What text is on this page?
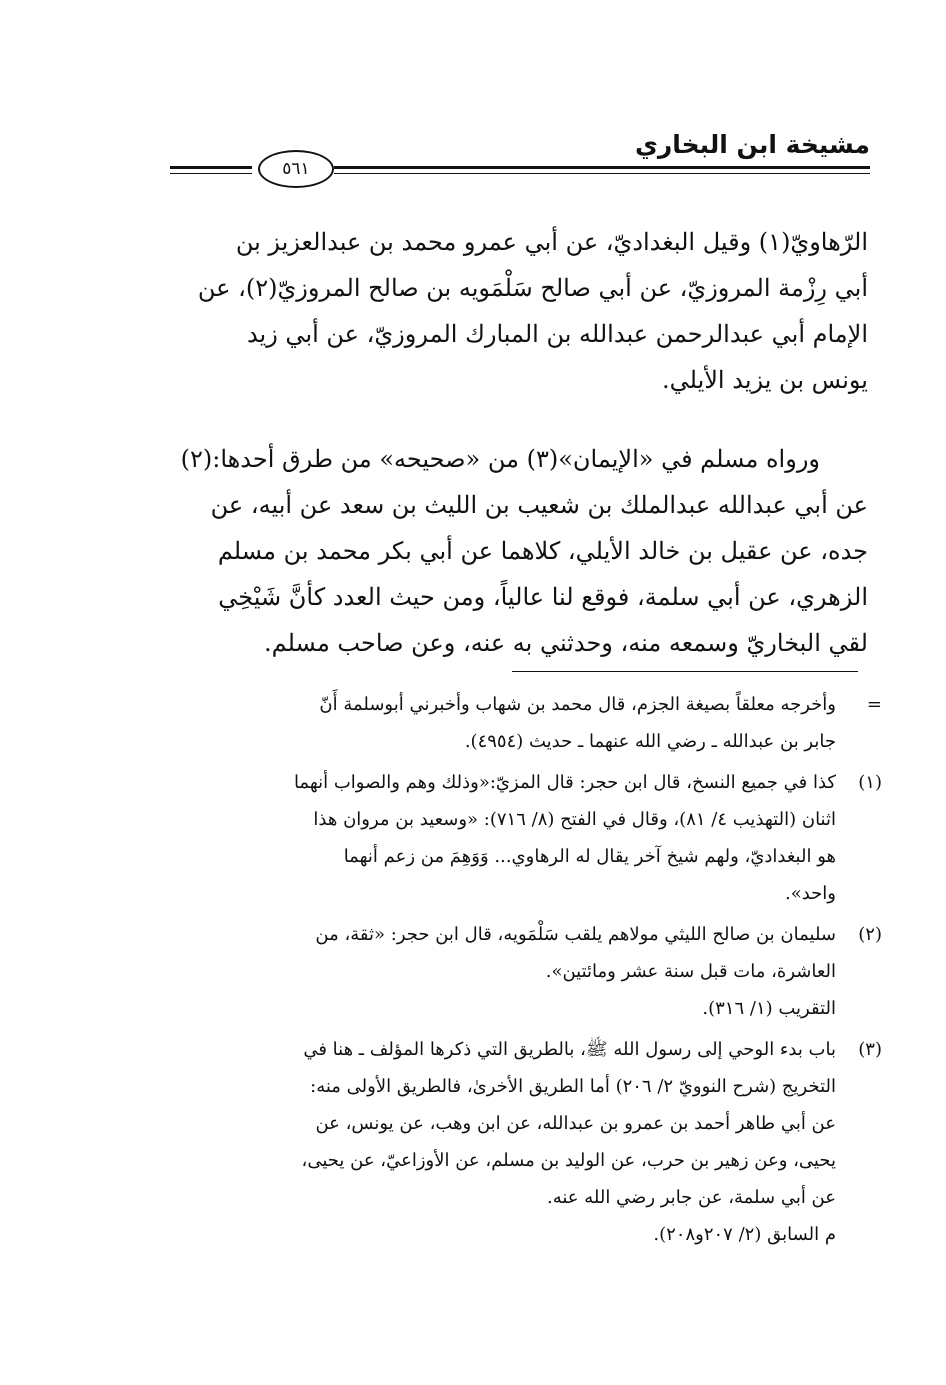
مشيخة ابن البخاري
٥٦١

الرّهاويّ(١) وقيل البغداديّ، عن أبي عمرو محمد بن عبدالعزيز بن

أبي رِزْمة المروزيّ، عن أبي صالح سَلْمَويه بن صالح المروزيّ(٢)، عن

الإمام أبي عبدالرحمن عبدالله بن المبارك المروزيّ، عن أبي زيد

يونس بن يزيد الأيلي.

ورواه مسلم في «الإيمان»(٣) من «صحيحه» من طرق أحدها:(٢)

عن أبي عبدالله عبدالملك بن شعيب بن الليث بن سعد عن أبيه، عن

جده، عن عقيل بن خالد الأيلي، كلاهما عن أبي بكر محمد بن مسلم

الزهري، عن أبي سلمة، فوقع لنا عالياً، ومن حيث العدد كأنَّ شَيْخِي

لقي البخاريّ وسمعه منه، وحدثني به عنه، وعن صاحب مسلم.

=
وأخرجه معلقاً بصيغة الجزم، قال محمد بن شهاب وأخبرني أبوسلمة أَنّ
جابر بن عبدالله ـ رضي الله عنهما ـ حديث (٤٩٥٤).
(١)
كذا في جميع النسخ، قال ابن حجر: قال المزيّ:«وذلك وهم والصواب أنهما
اثنان (التهذيب ٤/ ٨١)، وقال في الفتح (٨/ ٧١٦): «وسعيد بن مروان هذا
هو البغداديّ، ولهم شيخ آخر يقال له الرهاوي... وَوَهِمَ من زعم أنهما
واحد».
(٢)
سليمان بن صالح الليثي مولاهم يلقب سَلْمَويه، قال ابن حجر: «ثقة، من
العاشرة، مات قبل سنة عشر ومائتين».
التقريب (١/ ٣١٦).
(٣)
باب بدء الوحي إلى رسول الله ﷺ، بالطريق التي ذكرها المؤلف ـ هنا في
التخريج (شرح النوويّ ٢/ ٢٠٦) أما الطريق الأخرىٰ، فالطريق الأولى منه:
عن أبي طاهر أحمد بن عمرو بن عبدالله، عن ابن وهب، عن يونس، عن
يحيى، وعن زهير بن حرب، عن الوليد بن مسلم، عن الأوزاعيّ، عن يحيى،
عن أبي سلمة، عن جابر رضي الله عنه.
م السابق (٢/ ٢٠٧و٢٠٨).
